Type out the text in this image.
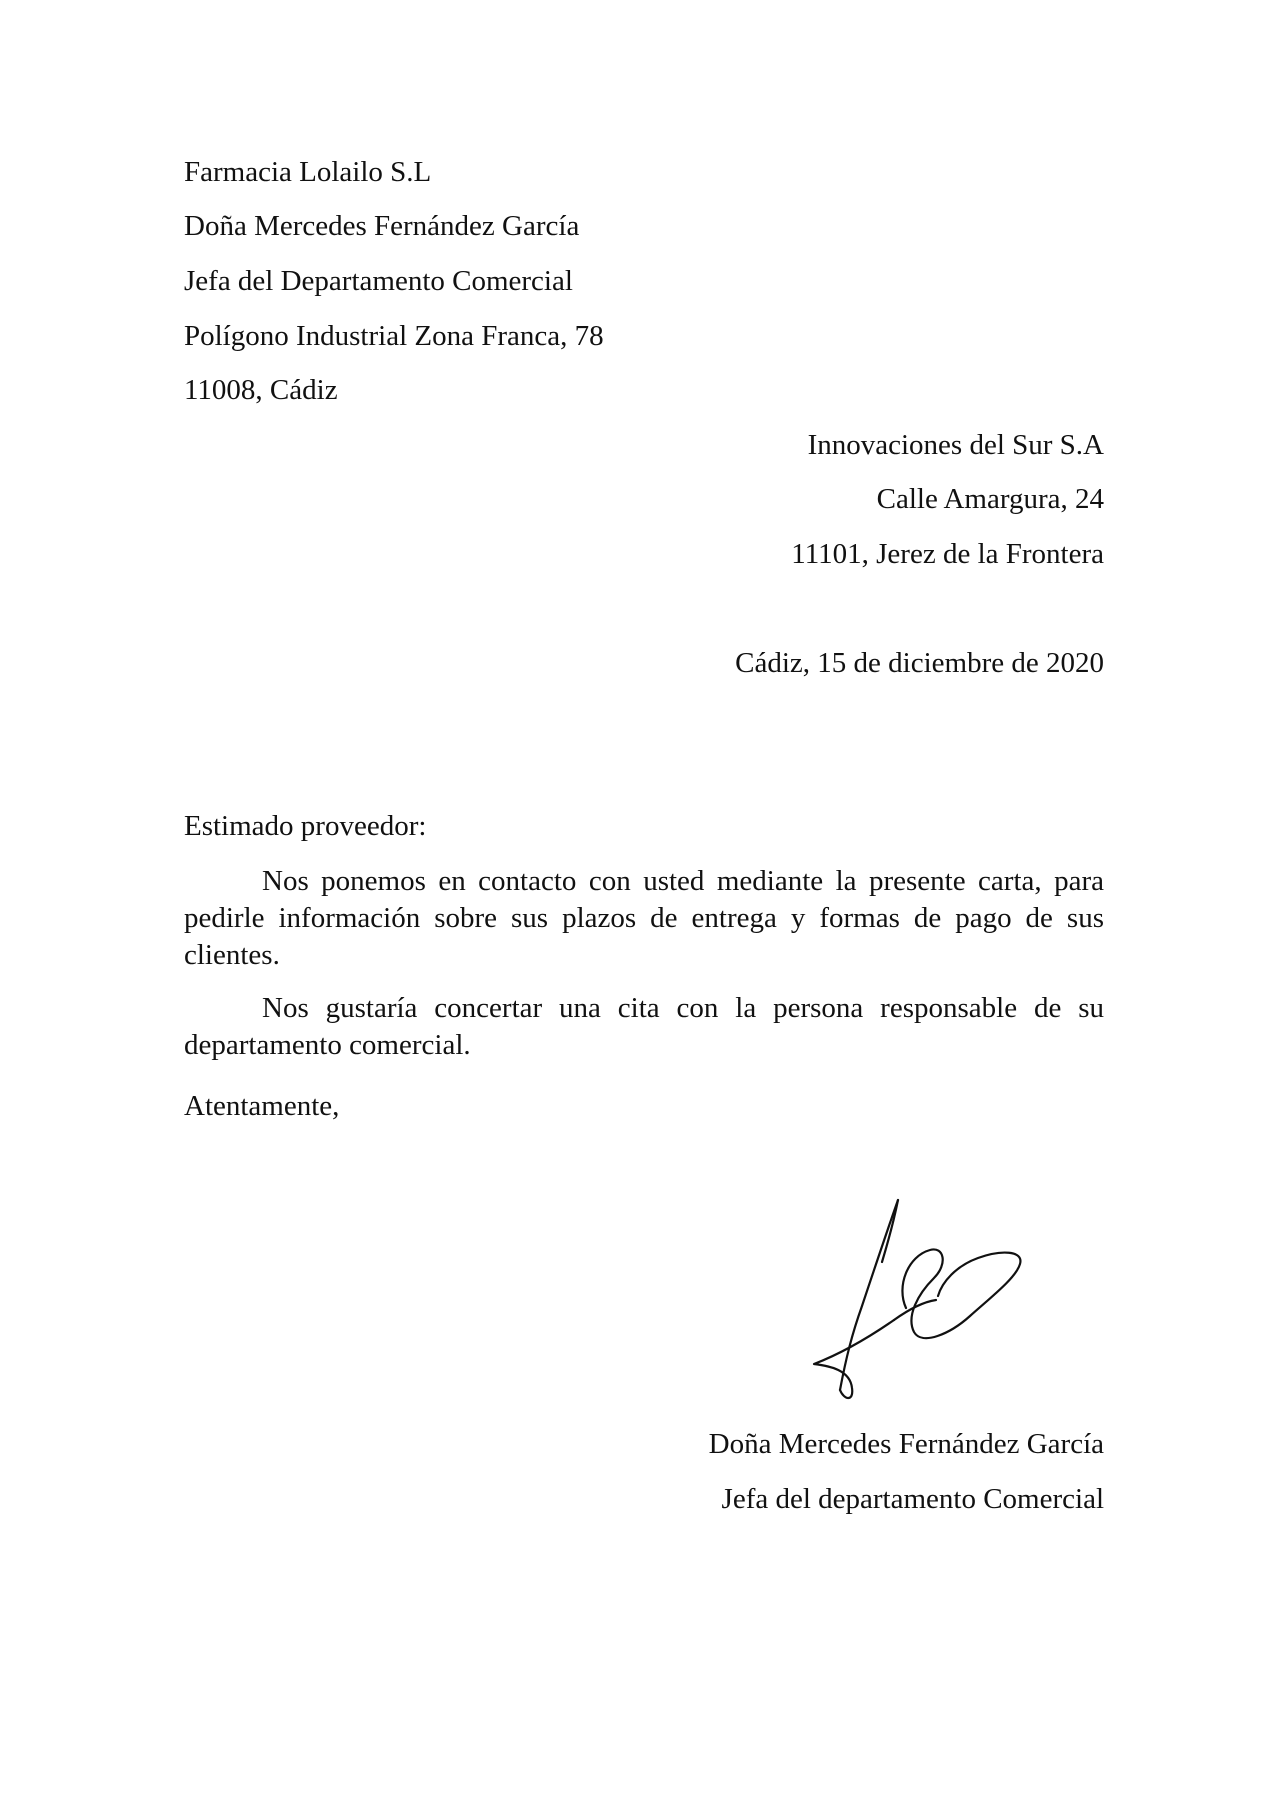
Farmacia Lolailo S.L
Doña Mercedes Fernández García
Jefa del Departamento Comercial
Polígono Industrial Zona Franca, 78
11008, Cádiz
Innovaciones del Sur S.A
Calle Amargura, 24
11101, Jerez de la Frontera
Cádiz, 15 de diciembre de 2020
Estimado proveedor:

Nos ponemos en contacto con usted mediante la presente carta, para pedirle información sobre sus plazos de entrega y formas de pago de sus clientes.

Nos gustaría concertar una cita con la persona responsable de su departamento comercial.

Atentamente,
Doña Mercedes Fernández García
Jefa del departamento Comercial
